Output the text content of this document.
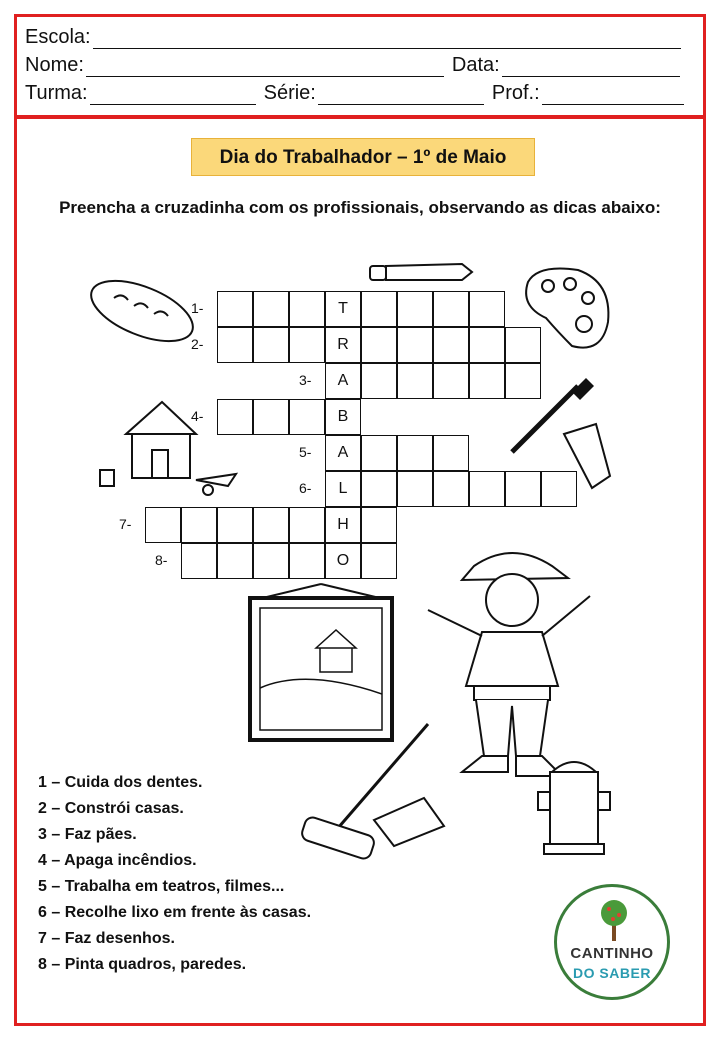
Escola:
Nome:	Data:
Turma:	Série:	Prof.:
Dia do Trabalhador – 1º de Maio
Preencha a cruzadinha com os profissionais, observando as dicas abaixo:
T
1-
R
2-
A
3-
B
4-
A
5-
L
6-
H
7-
O
8-
1 – Cuida dos dentes.
2 – Constrói casas.
3 – Faz pães.
4 – Apaga incêndios.
5 – Trabalha em teatros, filmes...
6 – Recolhe lixo em frente às casas.
7 – Faz desenhos.
8 – Pinta quadros, paredes.
CANTINHO
DO SABER
